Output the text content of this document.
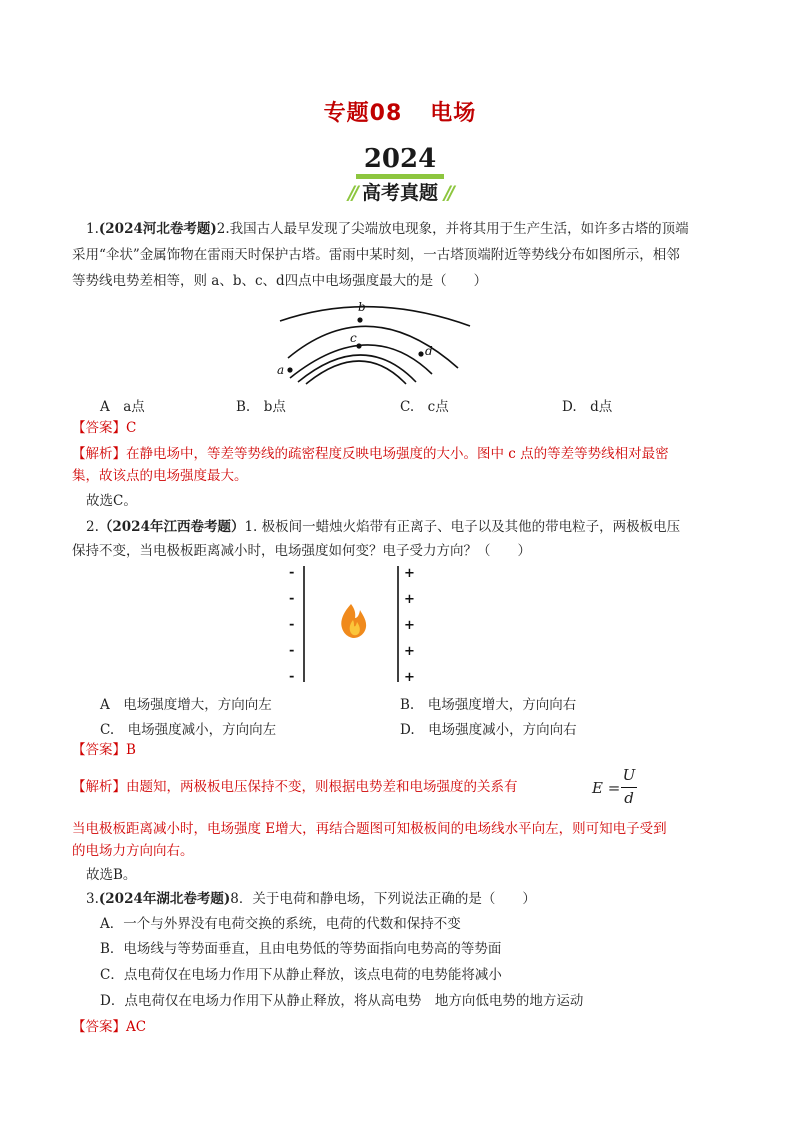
专题08 电场
2024
// 高考真题 //
1.(2024河北卷考题)2.我国古人最早发现了尖端放电现象，并将其用于生产生活，如许多古塔的顶端
采用“伞状”金属饰物在雷雨天时保护古塔。雷雨中某时刻，一古塔顶端附近等势线分布如图所示，相邻
等势线电势差相等，则 a、b、c、d四点中电场强度最大的是（　　）
b
c
d
a
A　a点	B.　b点	C.　c点	D.　d点
【答案】C
【解析】在静电场中，等差等势线的疏密程度反映电场强度的大小。图中 c 点的等差等势线相对最密
集，故该点的电场强度最大。
故选C。
2.（2024年江西卷考题）1. 极板间一蜡烛火焰带有正离子、电子以及其他的带电粒子，两极板电压
保持不变，当电极板距离减小时，电场强度如何变？电子受力方向？（　　）
-
-
-
-
-
+
+
+
+
+
A　电场强度增大，方向向左	B.　电场强度增大，方向向右
C.　电场强度减小，方向向左	D.　电场强度减小，方向向右
【答案】B
【解析】由题知，两极板电压保持不变，则根据电势差和电场强度的关系有	E =
U
d
当电极板距离减小时，电场强度 E增大，再结合题图可知极板间的电场线水平向左，则可知电子受到
的电场力方向向右。
故选B。
3.(2024年湖北卷考题)8．关于电荷和静电场，下列说法正确的是（　　）
A．一个与外界没有电荷交换的系统，电荷的代数和保持不变
B．电场线与等势面垂直，且由电势低的等势面指向电势高的等势面
C．点电荷仅在电场力作用下从静止释放，该点电荷的电势能将减小
D．点电荷仅在电场力作用下从静止释放，将从高电势　地方向低电势的地方运动
【答案】AC
